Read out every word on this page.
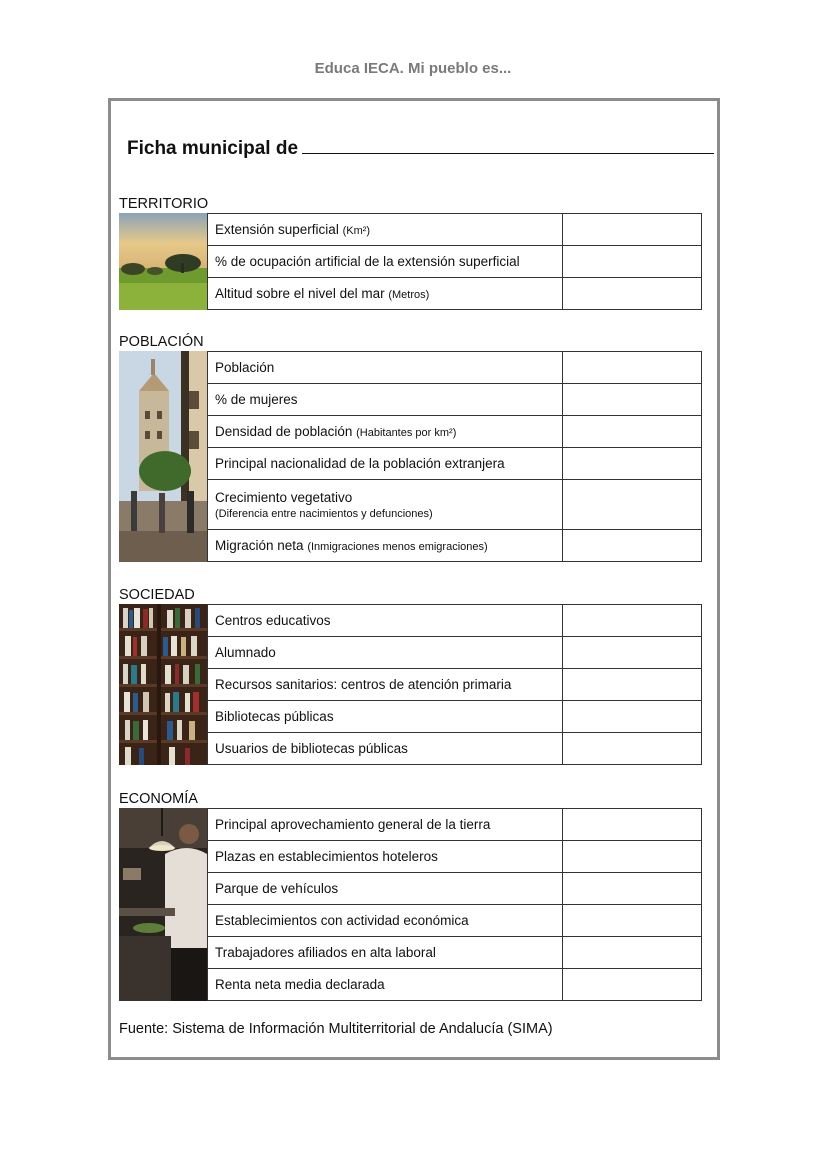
Educa IECA. Mi pueblo es...
Ficha municipal de
TERRITORIO
Extensión superficial (Km²)	
% de ocupación artificial de la extensión superficial	
Altitud sobre el nivel del mar (Metros)	
POBLACIÓN
Población	
% de mujeres	
Densidad de población (Habitantes por km²)	
Principal nacionalidad de la población extranjera	
Crecimiento vegetativo
(Diferencia entre nacimientos y defunciones)	
Migración neta (Inmigraciones menos emigraciones)	
SOCIEDAD
Centros educativos	
Alumnado	
Recursos sanitarios: centros de atención primaria	
Bibliotecas públicas	
Usuarios de bibliotecas públicas	
ECONOMÍA
Principal aprovechamiento general de la tierra	
Plazas en establecimientos hoteleros	
Parque de vehículos	
Establecimientos con actividad económica	
Trabajadores afiliados en alta laboral	
Renta neta media declarada	
Fuente: Sistema de Información Multiterritorial de Andalucía (SIMA)
